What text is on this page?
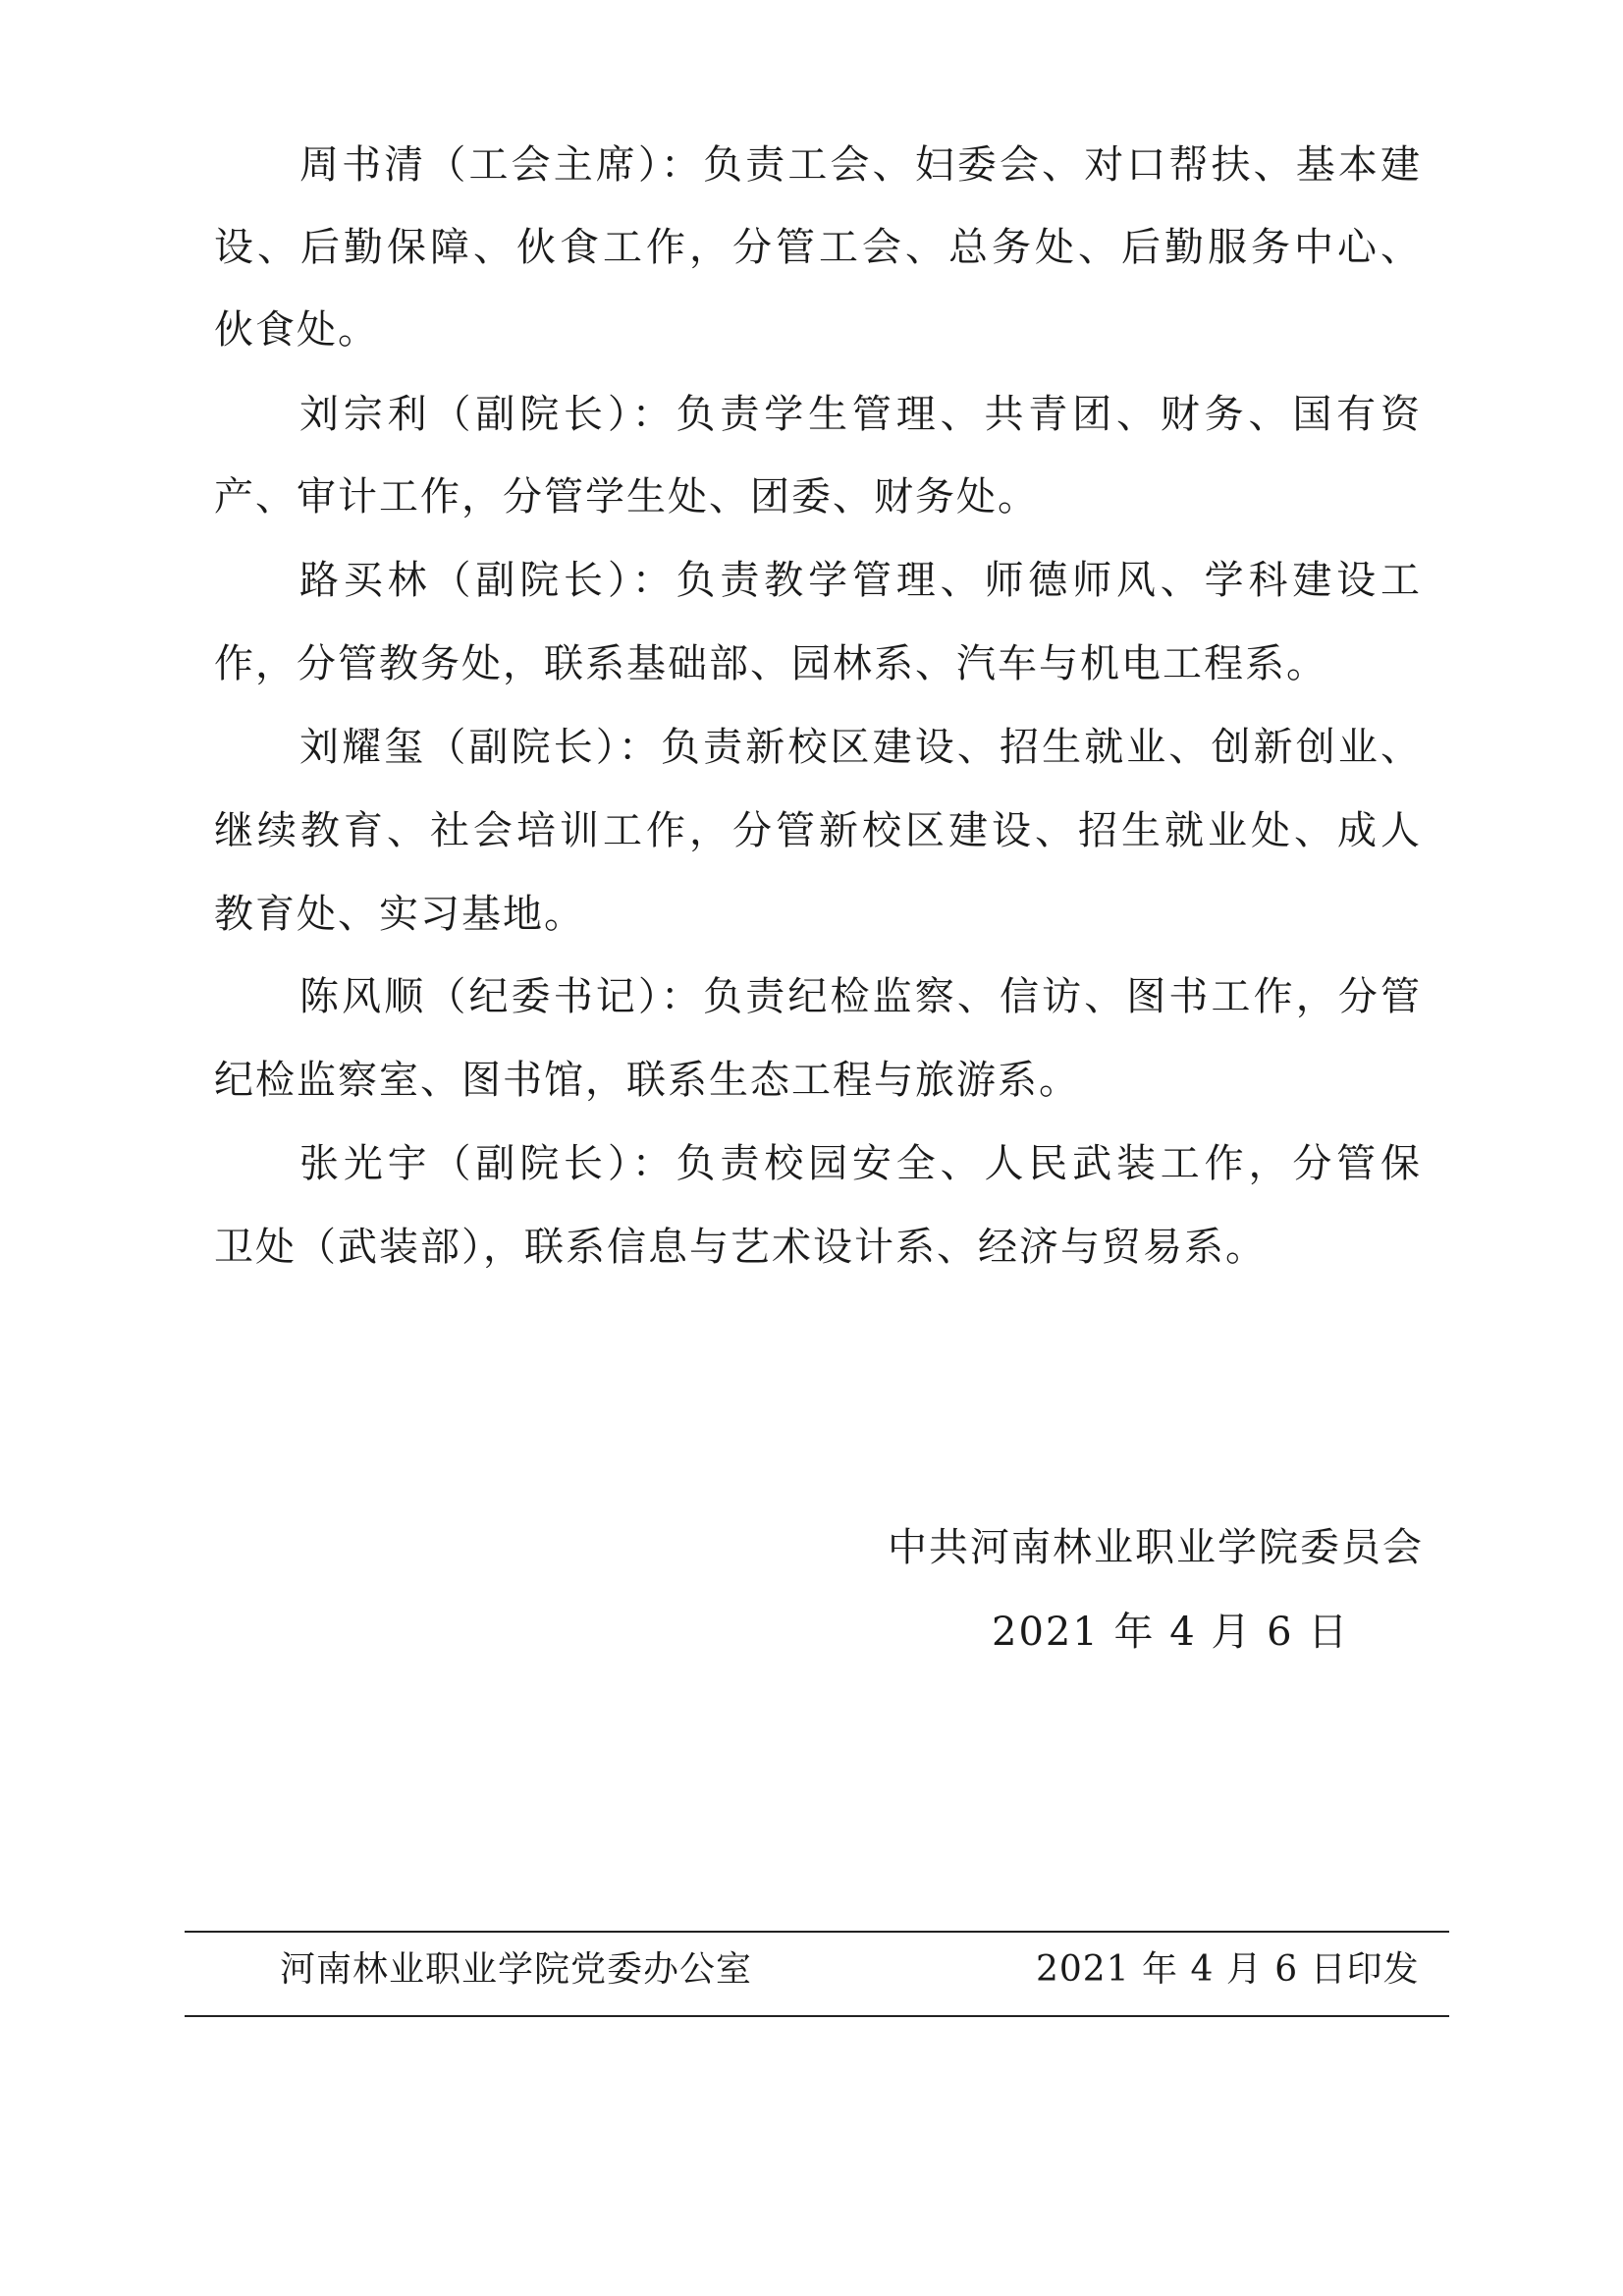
周书清（工会主席）：负责工会、妇委会、对口帮扶、基本建
设、后勤保障、伙食工作，分管工会、总务处、后勤服务中心、
伙食处。
刘宗利（副院长）：负责学生管理、共青团、财务、国有资
产、审计工作，分管学生处、团委、财务处。
路买林（副院长）：负责教学管理、师德师风、学科建设工
作，分管教务处，联系基础部、园林系、汽车与机电工程系。
刘耀玺（副院长）：负责新校区建设、招生就业、创新创业、
继续教育、社会培训工作，分管新校区建设、招生就业处、成人
教育处、实习基地。
陈风顺（纪委书记）：负责纪检监察、信访、图书工作，分管
纪检监察室、图书馆，联系生态工程与旅游系。
张光宇（副院长）：负责校园安全、人民武装工作，分管保
卫处（武装部），联系信息与艺术设计系、经济与贸易系。
中共河南林业职业学院委员会
2021 年 4 月 6 日
河南林业职业学院党委办公室	2021 年 4 月 6 日印发
